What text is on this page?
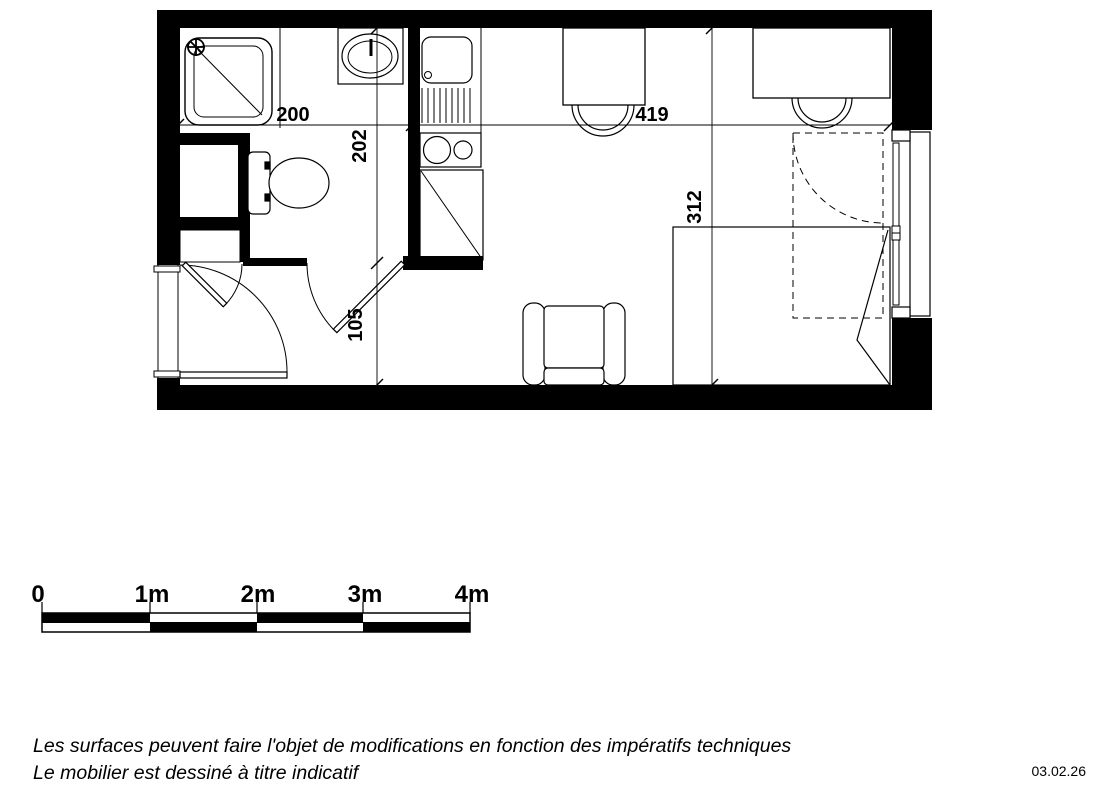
200	419
202
105
312
0	1m	2m	3m	4m
Les surfaces peuvent faire l'objet de modifications en fonction des impératifs techniques
Le mobilier est dessiné à titre indicatif	03.02.26
